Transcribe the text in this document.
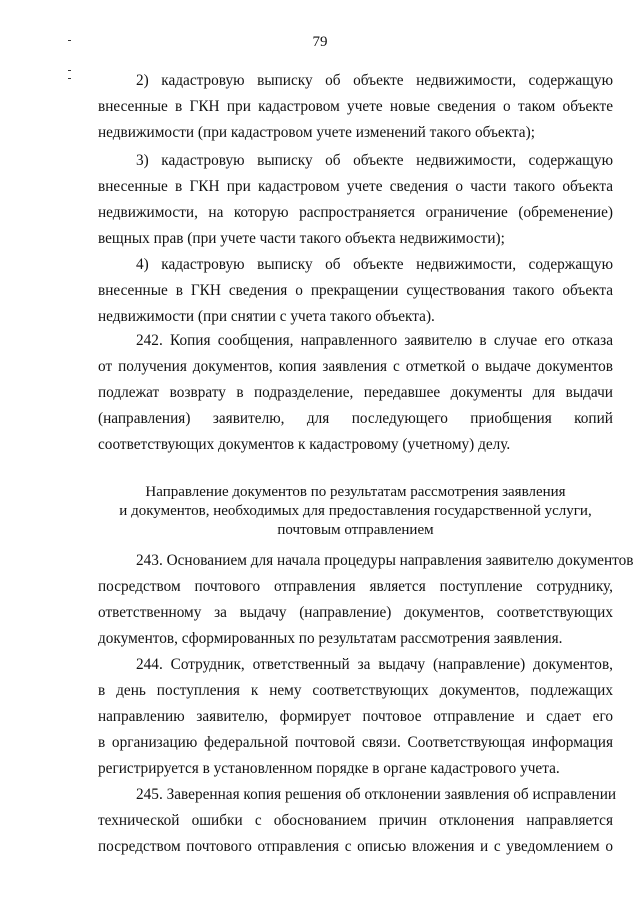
79
2) кадастровую выписку об объекте недвижимости, содержащую
внесенные в ГКН при кадастровом учете новые сведения о таком объекте
недвижимости (при кадастровом учете изменений такого объекта);
3) кадастровую выписку об объекте недвижимости, содержащую
внесенные в ГКН при кадастровом учете сведения о части такого объекта
недвижимости, на которую распространяется ограничение (обременение)
вещных прав (при учете части такого объекта недвижимости);
4) кадастровую выписку об объекте недвижимости, содержащую
внесенные в ГКН сведения о прекращении существования такого объекта
недвижимости (при снятии с учета такого объекта).
242. Копия сообщения, направленного заявителю в случае его отказа
от получения документов, копия заявления с отметкой о выдаче документов
подлежат возврату в подразделение, передавшее документы для выдачи
(направления) заявителю, для последующего приобщения копий
соответствующих документов к кадастровому (учетному) делу.
Направление документов по результатам рассмотрения заявления
и документов, необходимых для предоставления государственной услуги,
почтовым отправлением
243. Основанием для начала процедуры направления заявителю документов
посредством почтового отправления является поступление сотруднику,
ответственному за выдачу (направление) документов, соответствующих
документов, сформированных по результатам рассмотрения заявления.
244. Сотрудник, ответственный за выдачу (направление) документов,
в день поступления к нему соответствующих документов, подлежащих
направлению заявителю, формирует почтовое отправление и сдает его
в организацию федеральной почтовой связи. Соответствующая информация
регистрируется в установленном порядке в органе кадастрового учета.
245. Заверенная копия решения об отклонении заявления об исправлении
технической ошибки с обоснованием причин отклонения направляется
посредством почтового отправления с описью вложения и с уведомлением о
